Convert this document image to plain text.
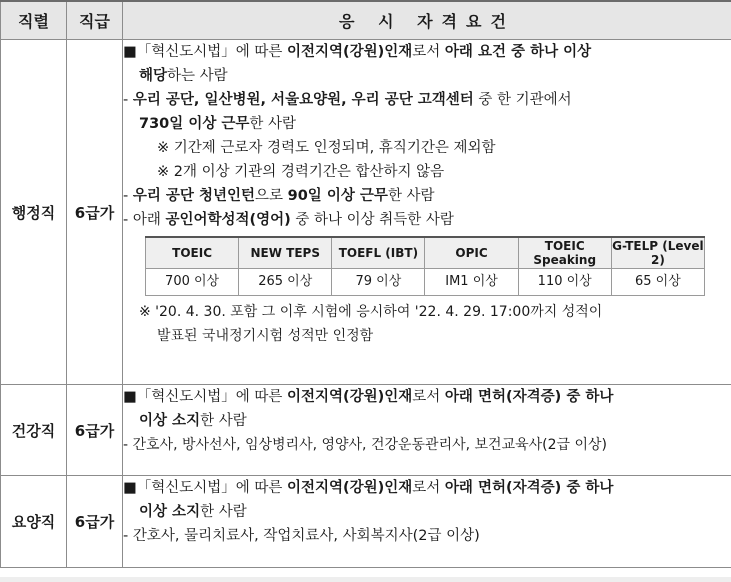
직렬	직급	응 시 자격요건
행정직	6급가	
■「혁신도시법」에 따른 이전지역(강원)인재로서 아래 요건 중 하나 이상
해당하는 사람
- 우리 공단, 일산병원, 서울요양원, 우리 공단 고객센터 중 한 기관에서
730일 이상 근무한 사람
※ 기간제 근로자 경력도 인정되며, 휴직기간은 제외함
※ 2개 이상 기관의 경력기간은 합산하지 않음
- 우리 공단 청년인턴으로 90일 이상 근무한 사람
- 아래 공인어학성적(영어) 중 하나 이상 취득한 사람
TOEIC	NEW TEPS	TOEFL (IBT)	OPIC	TOEIC Speaking	G-TELP (Level 2)
700 이상	265 이상	79 이상	IM1 이상	110 이상	65 이상
※ '20. 4. 30. 포함 그 이후 시험에 응시하여 '22. 4. 29. 17:00까지 성적이
발표된 국내정기시험 성적만 인정함

건강직	6급가	
■「혁신도시법」에 따른 이전지역(강원)인재로서 아래 면허(자격증) 중 하나
이상 소지한 사람
- 간호사, 방사선사, 임상병리사, 영양사, 건강운동관리사, 보건교육사(2급 이상)

요양직	6급가	
■「혁신도시법」에 따른 이전지역(강원)인재로서 아래 면허(자격증) 중 하나
이상 소지한 사람
- 간호사, 물리치료사, 작업치료사, 사회복지사(2급 이상)
